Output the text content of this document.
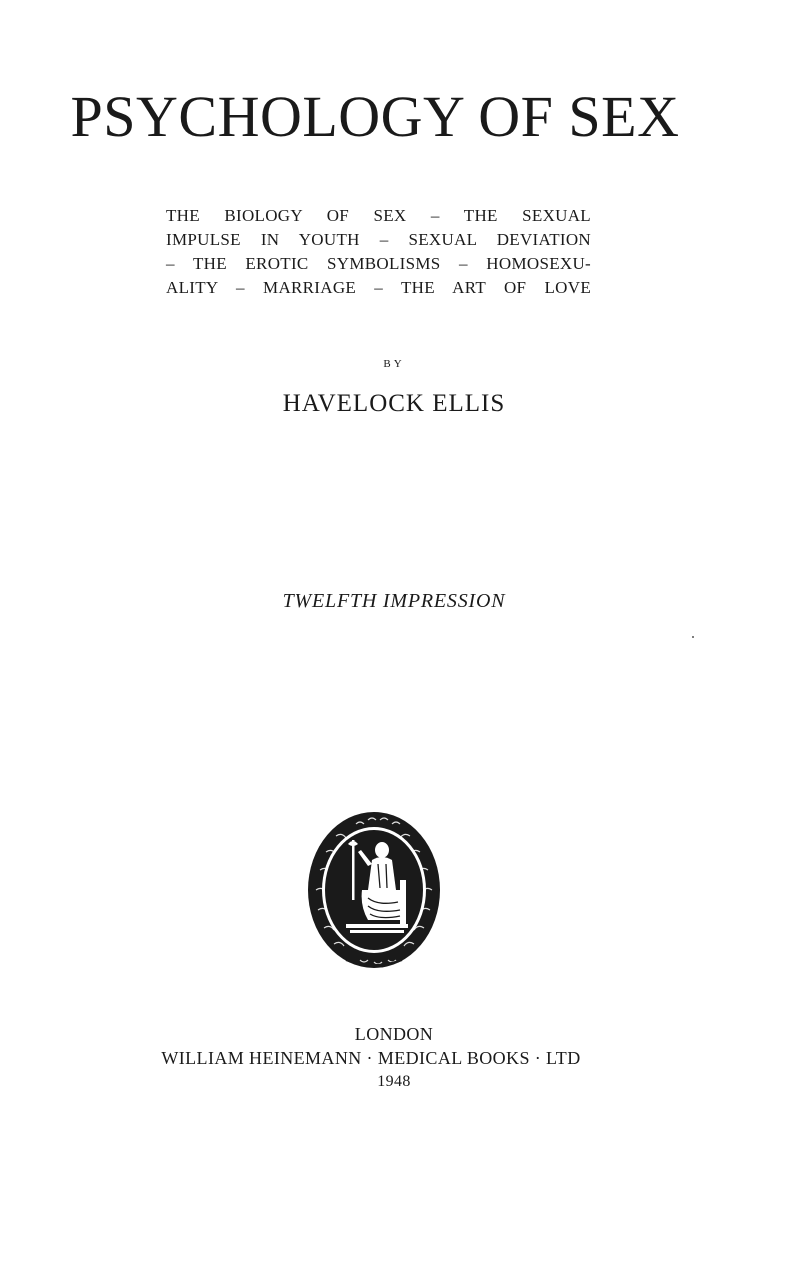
PSYCHOLOGY OF SEX
THE BIOLOGY OF SEX – THE SEXUAL
IMPULSE IN YOUTH – SEXUAL DEVIATION
– THE EROTIC SYMBOLISMS – HOMOSEXU-
ALITY – MARRIAGE – THE ART OF LOVE
BY
HAVELOCK ELLIS
TWELFTH IMPRESSION
LONDON
WILLIAM HEINEMANN · MEDICAL BOOKS · LTD
1948
